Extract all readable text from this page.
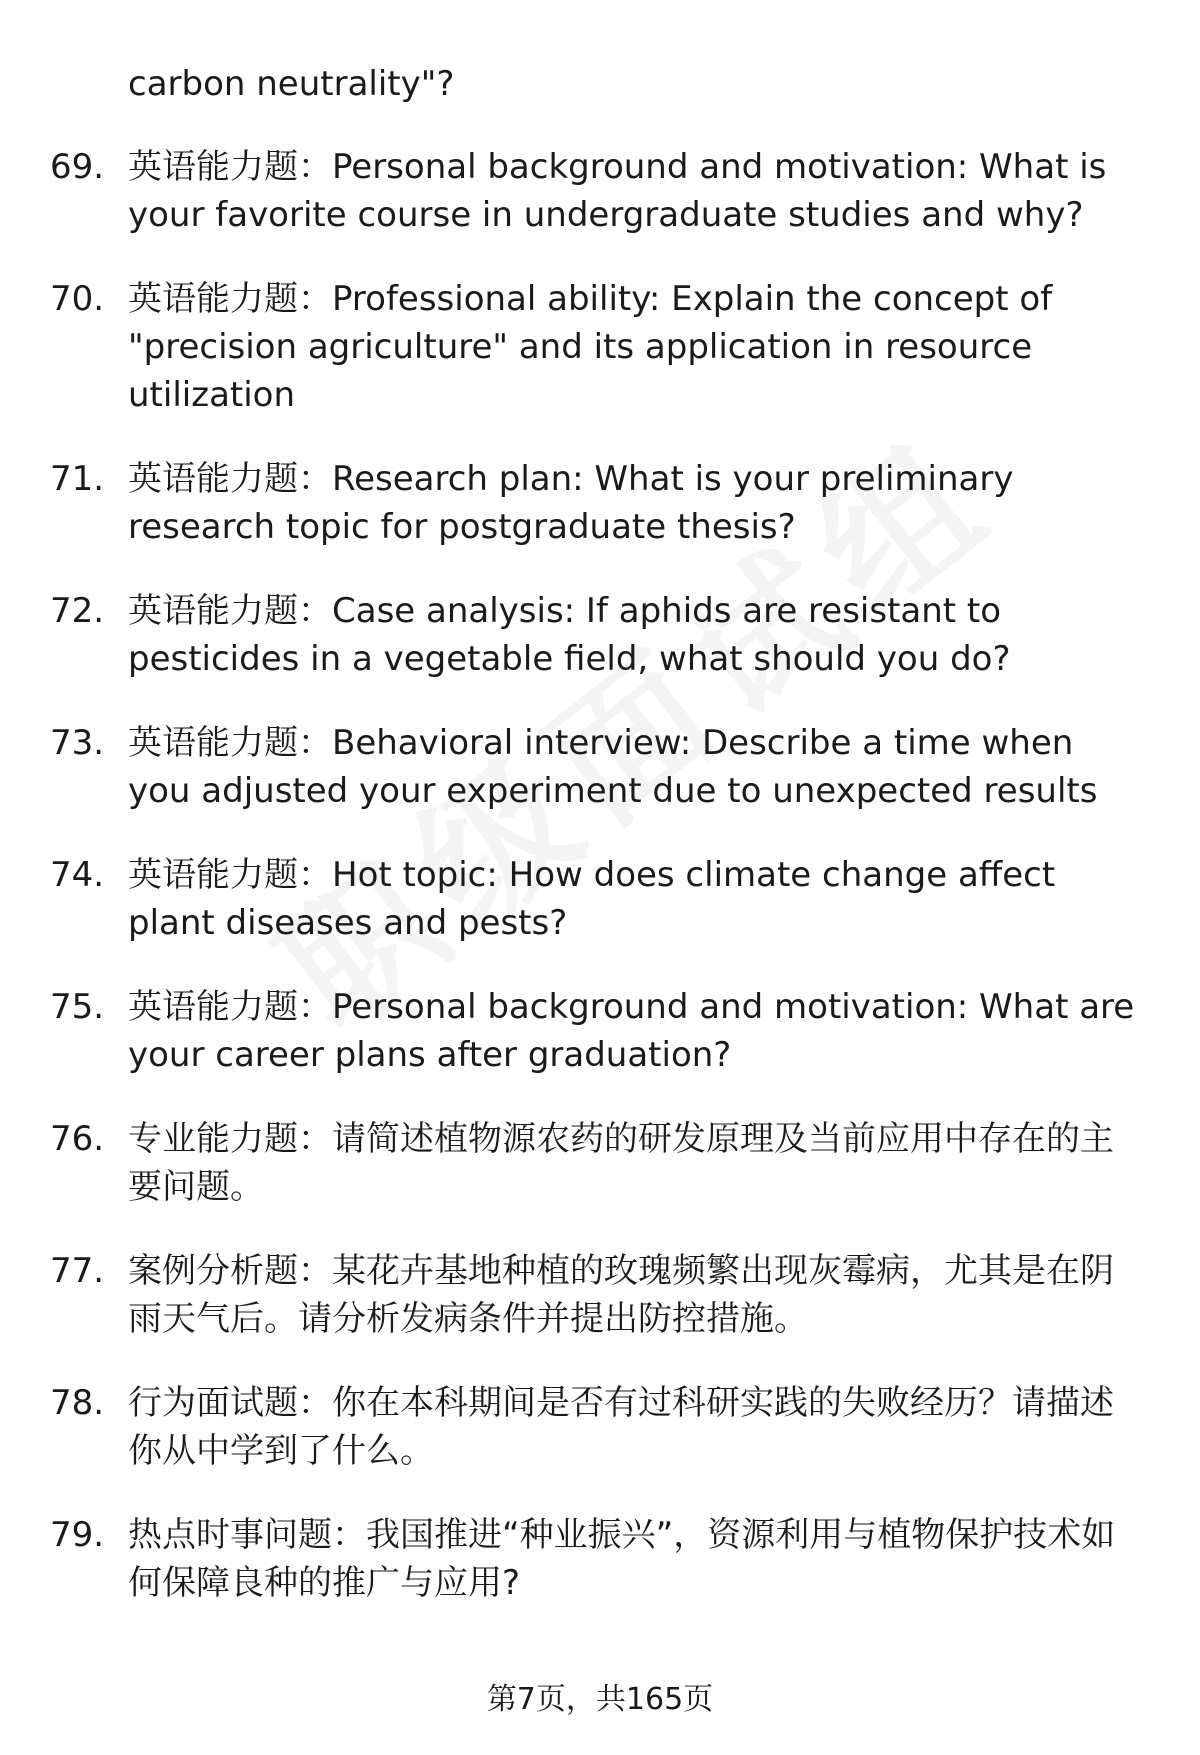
carbon neutrality"?

69. 英语能力题：Personal background and motivation: What is your favorite course in undergraduate studies and why?
70. 英语能力题：Professional ability: Explain the concept of "precision agriculture" and its application in resource utilization
71. 英语能力题：Research plan: What is your preliminary research topic for postgraduate thesis?
72. 英语能力题：Case analysis: If aphids are resistant to pesticides in a vegetable field, what should you do?
73. 英语能力题：Behavioral interview: Describe a time when you adjusted your experiment due to unexpected results
74. 英语能力题：Hot topic: How does climate change affect plant diseases and pests?
75. 英语能力题：Personal background and motivation: What are your career plans after graduation?
76. 专业能力题：请简述植物源农药的研发原理及当前应用中存在的主要问题。
77. 案例分析题：某花卉基地种植的玫瑰频繁出现灰霉病，尤其是在阴雨天气后。请分析发病条件并提出防控措施。
78. 行为面试题：你在本科期间是否有过科研实践的失败经历？请描述你从中学到了什么。
79. 热点时事问题：我国推进“种业振兴”，资源利用与植物保护技术如何保障良种的推广与应用?
第7页，共165页
